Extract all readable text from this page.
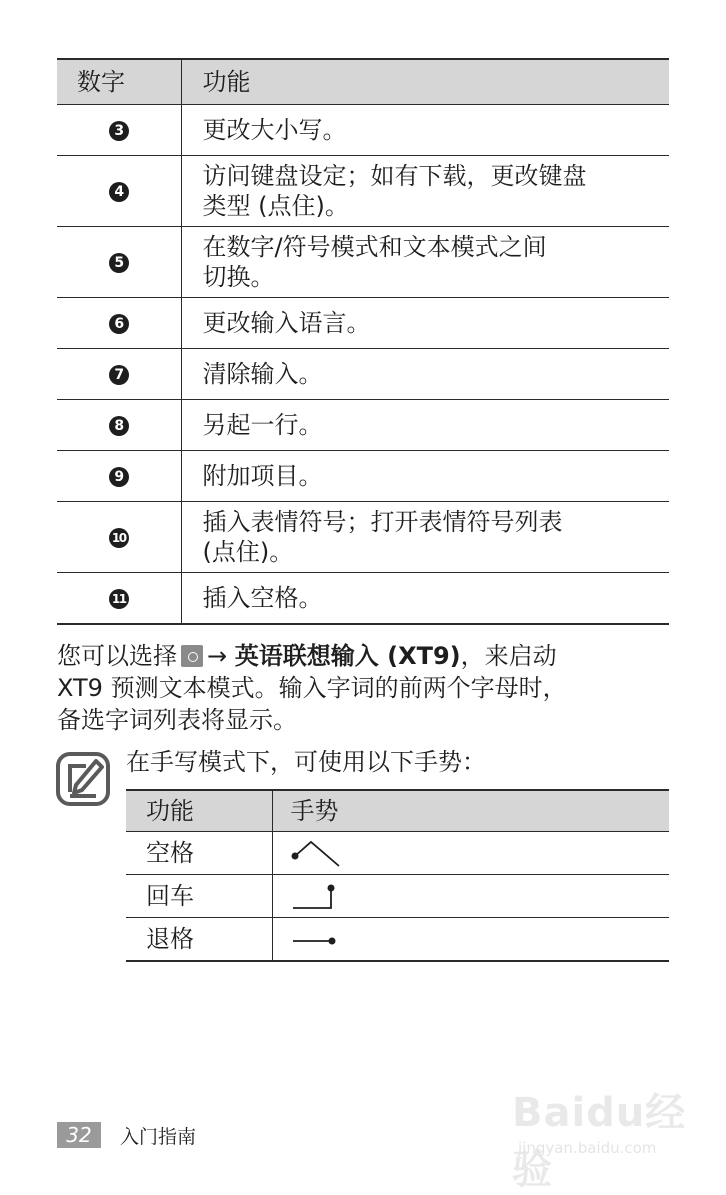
数字	功能
3	更改大小写。
4	访问键盘设定；如有下载，更改键盘
类型 (点住)。
5	在数字/符号模式和文本模式之间
切换。
6	更改输入语言。
7	清除输入。
8	另起一行。
9	附加项目。
10	插入表情符号；打开表情符号列表
(点住)。
11	插入空格。
您可以选择 → 英语联想输入 (XT9)，来启动
XT9 预测文本模式。输入字词的前两个字母时，
备选字词列表将显示。
在手写模式下，可使用以下手势：
功能	手势
空格	

回车	

退格	
32	入门指南
Baidu经验
jingyan.baidu.com
